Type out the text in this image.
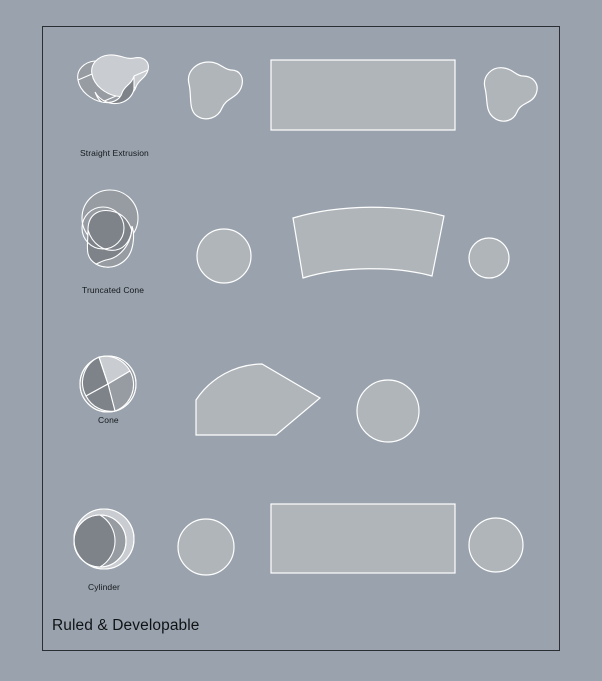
Straight Extrusion
Truncated Cone
Cone
Cylinder
Ruled & Developable
